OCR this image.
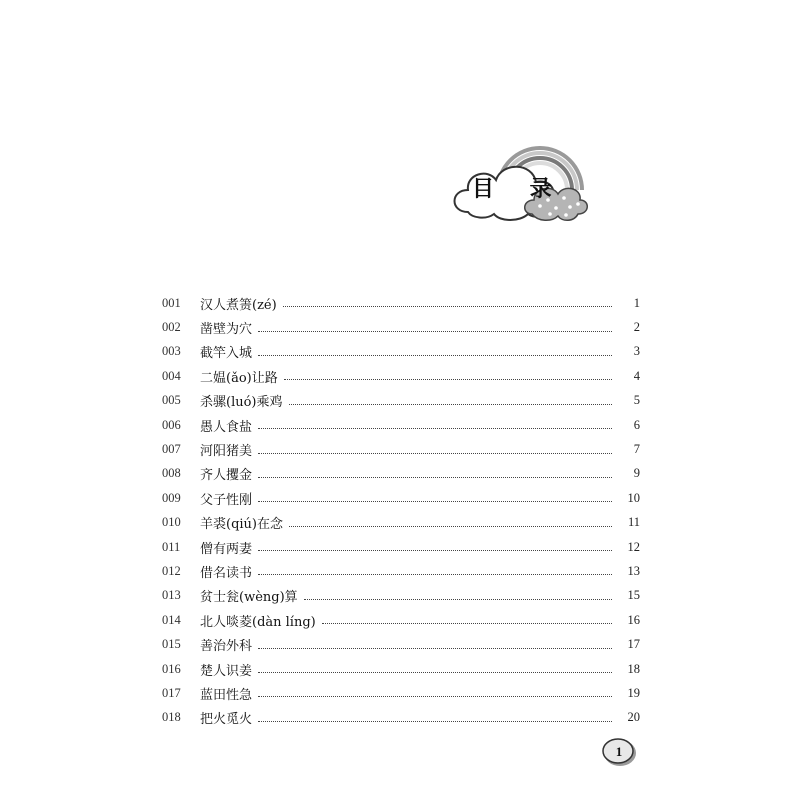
目 录
001	汉人煮箦(zé)	1
002	凿壁为穴	2
003	截竿入城	3
004	二媪(ǎo)让路	4
005	杀骡(luó)乘鸡	5
006	愚人食盐	6
007	河阳猪美	7
008	齐人攫金	9
009	父子性刚	10
010	羊裘(qiú)在念	11
011	僧有两妻	12
012	借名读书	13
013	贫士瓮(wèng)算	15
014	北人啖菱(dàn líng)	16
015	善治外科	17
016	楚人识姜	18
017	蓝田性急	19
018	把火觅火	20
1
